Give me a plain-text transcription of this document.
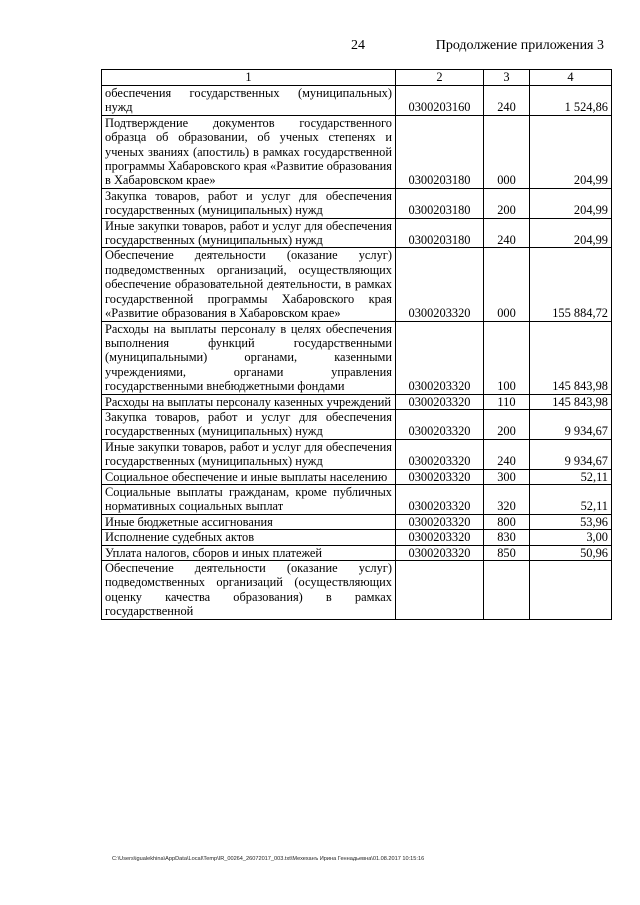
24	Продолжение приложения 3
1	2	3	4
обеспечения государственных (муниципальных) нужд	0300203160	240	1 524,86
Подтверждение документов государственного образца об образовании, об ученых степенях и ученых званиях (апостиль) в рамках государственной программы Хабаровского края «Развитие образования в Хабаровском крае»	0300203180	000	204,99
Закупка товаров, работ и услуг для обеспечения государственных (муниципальных) нужд	0300203180	200	204,99
Иные закупки товаров, работ и услуг для обеспечения государственных (муниципальных) нужд	0300203180	240	204,99
Обеспечение деятельности (оказание услуг) подведомственных организаций, осуществляющих обеспечение образовательной деятельности, в рамках государственной программы Хабаровского края «Развитие образования в Хабаровском крае»	0300203320	000	155 884,72
Расходы на выплаты персоналу в целях обеспечения выполнения функций государственными (муниципальными) органами, казенными учреждениями, органами управления государственными внебюджетными фондами	0300203320	100	145 843,98
Расходы на выплаты персоналу казенных учреждений	0300203320	110	145 843,98
Закупка товаров, работ и услуг для обеспечения государственных (муниципальных) нужд	0300203320	200	9 934,67
Иные закупки товаров, работ и услуг для обеспечения государственных (муниципальных) нужд	0300203320	240	9 934,67
Социальное обеспечение и иные выплаты населению	0300203320	300	52,11
Социальные выплаты гражданам, кроме публичных нормативных социальных выплат	0300203320	320	52,11
Иные бюджетные ассигнования	0300203320	800	53,96
Исполнение судебных актов	0300203320	830	3,00
Уплата налогов, сборов и иных платежей	0300203320	850	50,96
Обеспечение деятельности (оказание услуг) подведомственных организаций (осуществляющих оценку качества образования) в рамках государственной			
C:\Users\igualekhina\AppData\Local\Temp\IR_00264_26072017_003.txt\Мехеханъ Ирина Геннадьевна\01.08.2017 10:15:16
